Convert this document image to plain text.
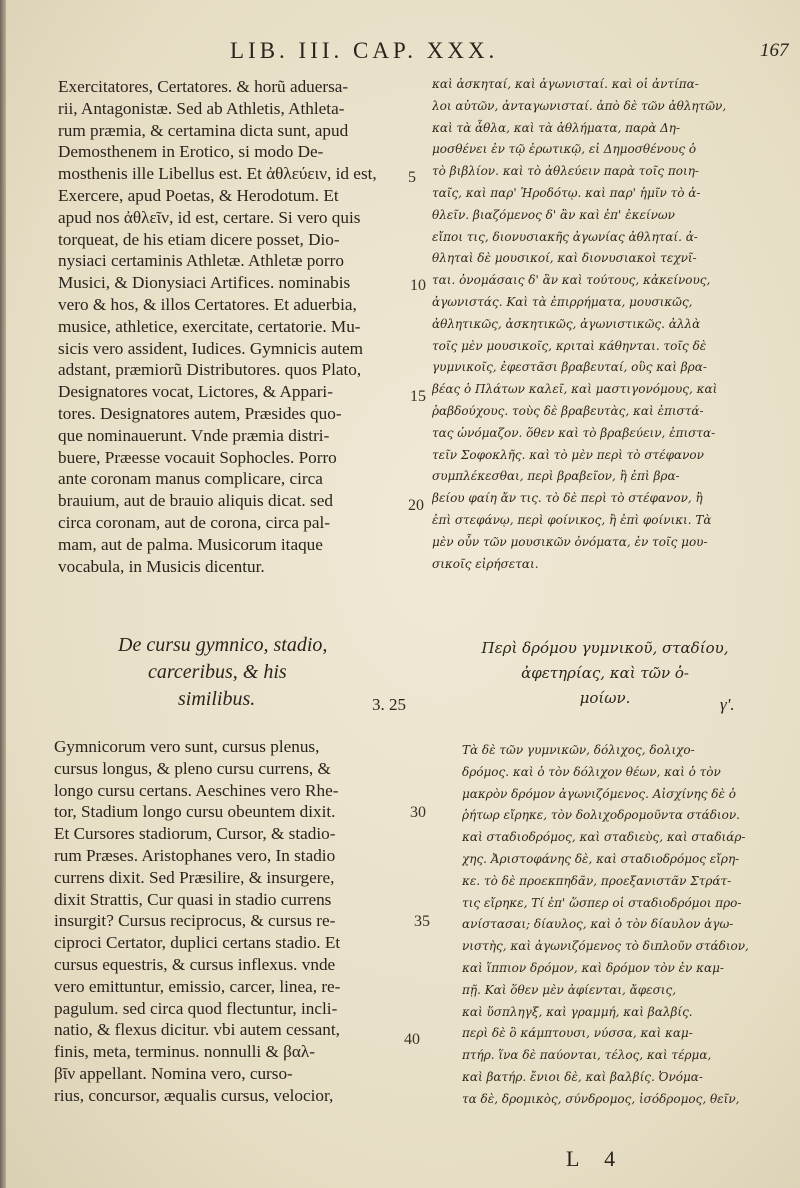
LIB. III. CAP. XXX.	167
Exercitatores, Certatores. & horũ aduersa-
rii, Antagonistæ. Sed ab Athletis, Athleta-
rum præmia, & certamina dicta sunt, apud
Demosthenem in Erotico, si modo De-
mosthenis ille Libellus est. Et ἀθλεύειν, id est,
Exercere, apud Poetas, & Herodotum. Et
apud nos ἀθλεῖν, id est, certare. Si vero quis
torqueat, de his etiam dicere posset, Dio-
nysiaci certaminis Athletæ. Athletæ porro
Musici, & Dionysiaci Artifices. nominabis
vero & hos, & illos Certatores. Et aduerbia,
musice, athletice, exercitate, certatorie. Mu-
sicis vero assident, Iudices. Gymnicis autem
adstant, præmiorũ Distributores. quos Plato,
Designatores vocat, Lictores, & Appari-
tores. Designatores autem, Præsides quo-
que nominauerunt. Vnde præmia distri-
buere, Præesse vocauit Sophocles. Porro
ante coronam manus complicare, circa
brauium, aut de brauio aliquis dicat. sed
circa coronam, aut de corona, circa pal-
mam, aut de palma. Musicorum itaque
vocabula, in Musicis dicentur.
καὶ ἀσκηταί, καὶ ἀγωνισταί. καὶ οἱ ἀντίπα-
λοι αὐτῶν, ἀνταγωνισταί. ἀπὸ δὲ τῶν ἀθλητῶν,
καὶ τὰ ἆθλα, καὶ τὰ ἀθλήματα, παρὰ Δη-
μοσθένει ἐν τῷ ἐρωτικῷ, εἰ Δημοσθένους ὁ
τὸ βιβλίον. καὶ τὸ ἀθλεύειν παρὰ τοῖς ποιη-
ταῖς, καὶ παρ' Ἡροδότῳ. καὶ παρ' ἡμῖν τὸ ἀ-
θλεῖν. βιαζόμενος δ' ἂν καὶ ἐπ' ἐκείνων
εἴποι τις, διονυσιακῆς ἀγωνίας ἀθληταί. ἀ-
θληταὶ δὲ μουσικοί, καὶ διονυσιακοὶ τεχνῖ-
ται. ὀνομάσαις δ' ἂν καὶ τούτους, κἀκείνους,
ἀγωνιστάς. Καὶ τὰ ἐπιρρήματα, μουσικῶς,
ἀθλητικῶς, ἀσκητικῶς, ἀγωνιστικῶς. ἀλλὰ
τοῖς μὲν μουσικοῖς, κριταὶ κάθηνται. τοῖς δὲ
γυμνικοῖς, ἐφεστᾶσι βραβευταί, οὓς καὶ βρα-
βέας ὁ Πλάτων καλεῖ, καὶ μαστιγονόμους, καὶ
ῥαβδούχους. τοὺς δὲ βραβευτὰς, καὶ ἐπιστά-
τας ὠνόμαζον. ὅθεν καὶ τὸ βραβεύειν, ἐπιστα-
τεῖν Σοφοκλῆς. καὶ τὸ μὲν περὶ τὸ στέφανον
συμπλέκεσθαι, περὶ βραβεῖον, ἢ ἐπὶ βρα-
βείου φαίη ἄν τις. τὸ δὲ περὶ τὸ στέφανον, ἢ
ἐπὶ στεφάνῳ, περὶ φοίνικος, ἢ ἐπὶ φοίνικι. Τὰ
μὲν οὖν τῶν μουσικῶν ὀνόματα, ἐν τοῖς μου-
σικοῖς εἰρήσεται.
5
10
15
20
De cursu gymnico, stadio,
carceribus, & his
similibus.	3. 25
Περὶ δρόμου γυμνικοῦ, σταδίου,
ἀφετηρίας, καὶ τῶν ὁ-
μοίων.	γ'.
Gymnicorum vero sunt, cursus plenus,
cursus longus, & pleno cursu currens, &
longo cursu certans. Aeschines vero Rhe-
tor, Stadium longo cursu obeuntem dixit.
Et Cursores stadiorum, Cursor, & stadio-
rum Præses. Aristophanes vero, In stadio
currens dixit. Sed Præsilire, & insurgere,
dixit Strattis, Cur quasi in stadio currens
insurgit? Cursus reciprocus, & cursus re-
ciproci Certator, duplici certans stadio. Et
cursus equestris, & cursus inflexus. vnde
vero emittuntur, emissio, carcer, linea, re-
pagulum. sed circa quod flectuntur, incli-
natio, & flexus dicitur. vbi autem cessant,
finis, meta, terminus. nonnulli & βαλ-
βῖν appellant. Nomina vero, curso-
rius, concursor, æqualis cursus, velocior,
Τὰ δὲ τῶν γυμνικῶν, δόλιχος, δολιχο-
δρόμος. καὶ ὁ τὸν δόλιχον θέων, καὶ ὁ τὸν
μακρὸν δρόμον ἀγωνιζόμενος. Αἰσχίνης δὲ ὁ
ῥήτωρ εἴρηκε, τὸν δολιχοδρομοῦντα στάδιον.
καὶ σταδιοδρόμος, καὶ σταδιεὺς, καὶ σταδιάρ-
χης. Ἀριστοφάνης δὲ, καὶ σταδιοδρόμος εἴρη-
κε. τὸ δὲ προεκπηδᾶν, προεξανιστᾶν Στράτ-
τις εἴρηκε, Τί ἐπ' ὥσπερ οἱ σταδιοδρόμοι προ-
ανίστασαι; δίαυλος, καὶ ὁ τὸν δίαυλον ἀγω-
νιστὴς, καὶ ἀγωνιζόμενος τὸ διπλοῦν στάδιον,
καὶ ἵππιον δρόμον, καὶ δρόμον τὸν ἐν καμ-
πῇ. Καὶ ὅθεν μὲν ἀφίενται, ἄφεσις,
καὶ ὕσπληγξ, καὶ γραμμή, καὶ βαλβίς.
περὶ δὲ ὃ κάμπτουσι, νύσσα, καὶ καμ-
πτήρ. ἵνα δὲ παύονται, τέλος, καὶ τέρμα,
καὶ βατήρ. ἔνιοι δὲ, καὶ βαλβίς. Ὀνόμα-
τα δὲ, δρομικὸς, σύνδρομος, ἰσόδρομος, θεῖν,
30
35
40
L 4
